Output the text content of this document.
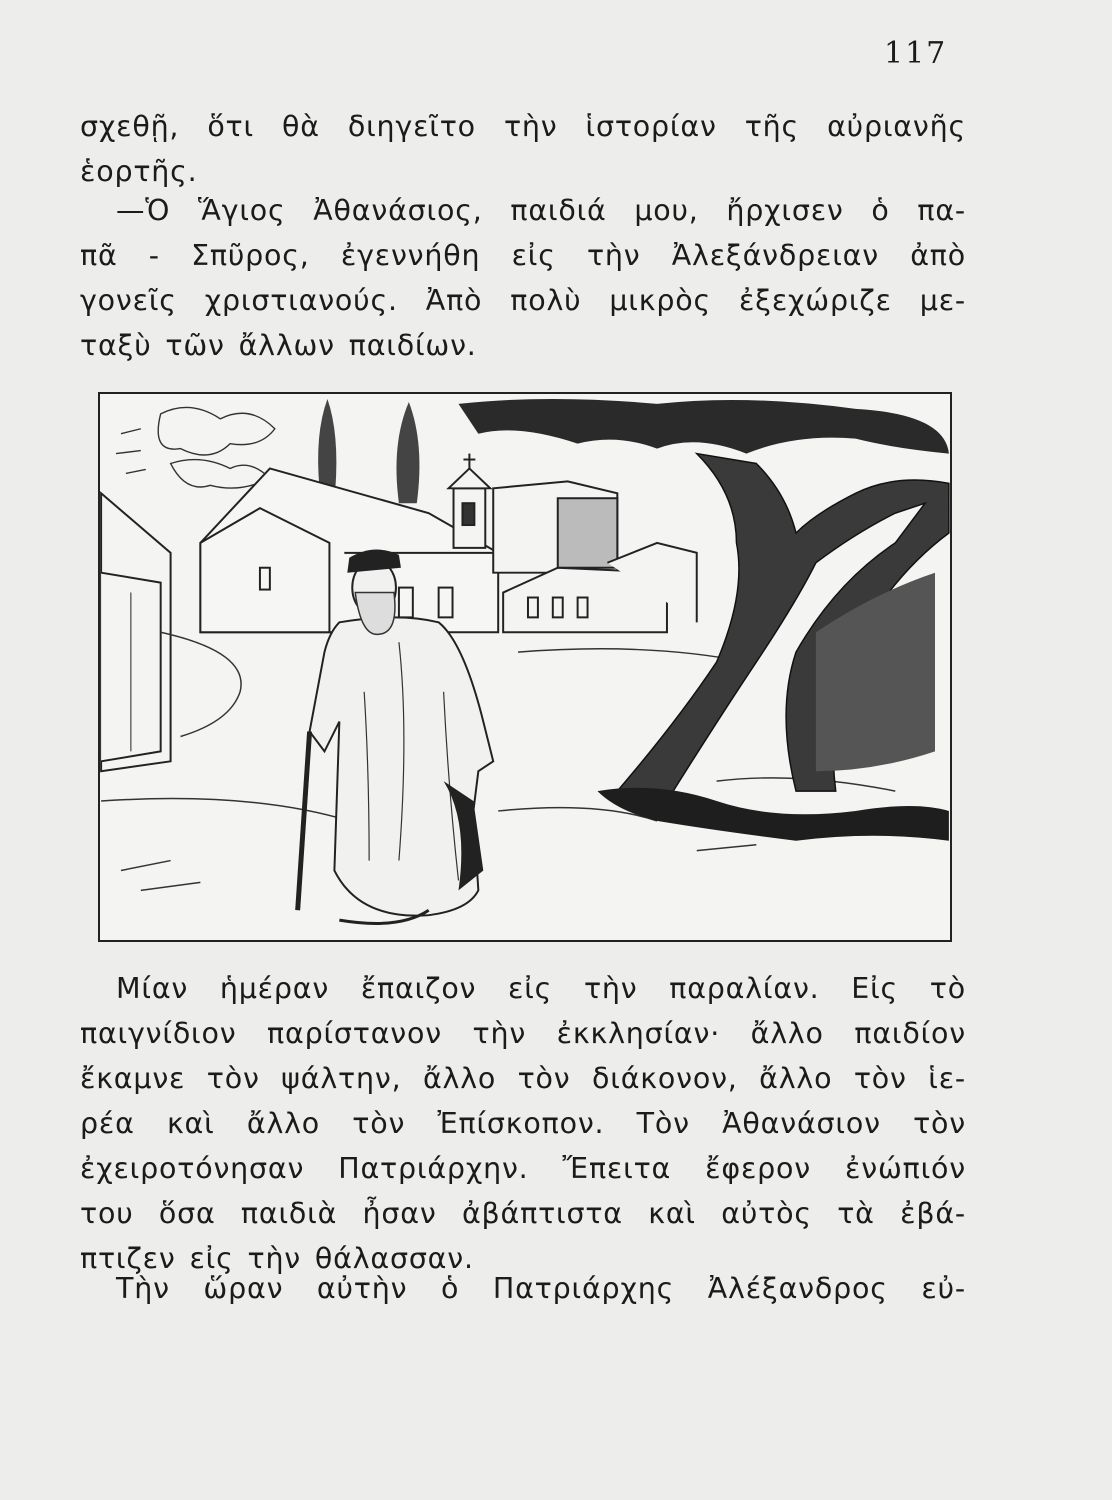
117
σχεθῇ, ὅτι θὰ διηγεῖτο τὴν ἱστορίαν τῆς αὐριανῆς
ἑορτῆς.
—Ὁ Ἅγιος Ἀθανάσιος, παιδιά μου, ἤρχισεν ὁ πα-
πᾶ - Σπῦρος, ἐγεννήθη εἰς τὴν Ἀλεξάνδρειαν ἀπὸ
γονεῖς χριστιανούς. Ἀπὸ πολὺ μικρὸς ἐξεχώριζε με-
ταξὺ τῶν ἄλλων παιδίων.
Μίαν ἡμέραν ἔπαιζον εἰς τὴν παραλίαν. Εἰς τὸ
παιγνίδιον παρίστανον τὴν ἐκκλησίαν· ἄλλο παιδίον
ἔκαμνε τὸν ψάλτην, ἄλλο τὸν διάκονον, ἄλλο τὸν ἱε-
ρέα καὶ ἄλλο τὸν Ἐπίσκοπον. Τὸν Ἀθανάσιον τὸν
ἐχειροτόνησαν Πατριάρχην. Ἔπειτα ἔφερον ἐνώπιόν
του ὅσα παιδιὰ ἦσαν ἀβάπτιστα καὶ αὐτὸς τὰ ἐβά-
πτιζεν εἰς τὴν θάλασσαν.
Τὴν ὥραν αὐτὴν ὁ Πατριάρχης Ἀλέξανδρος εὐ-
